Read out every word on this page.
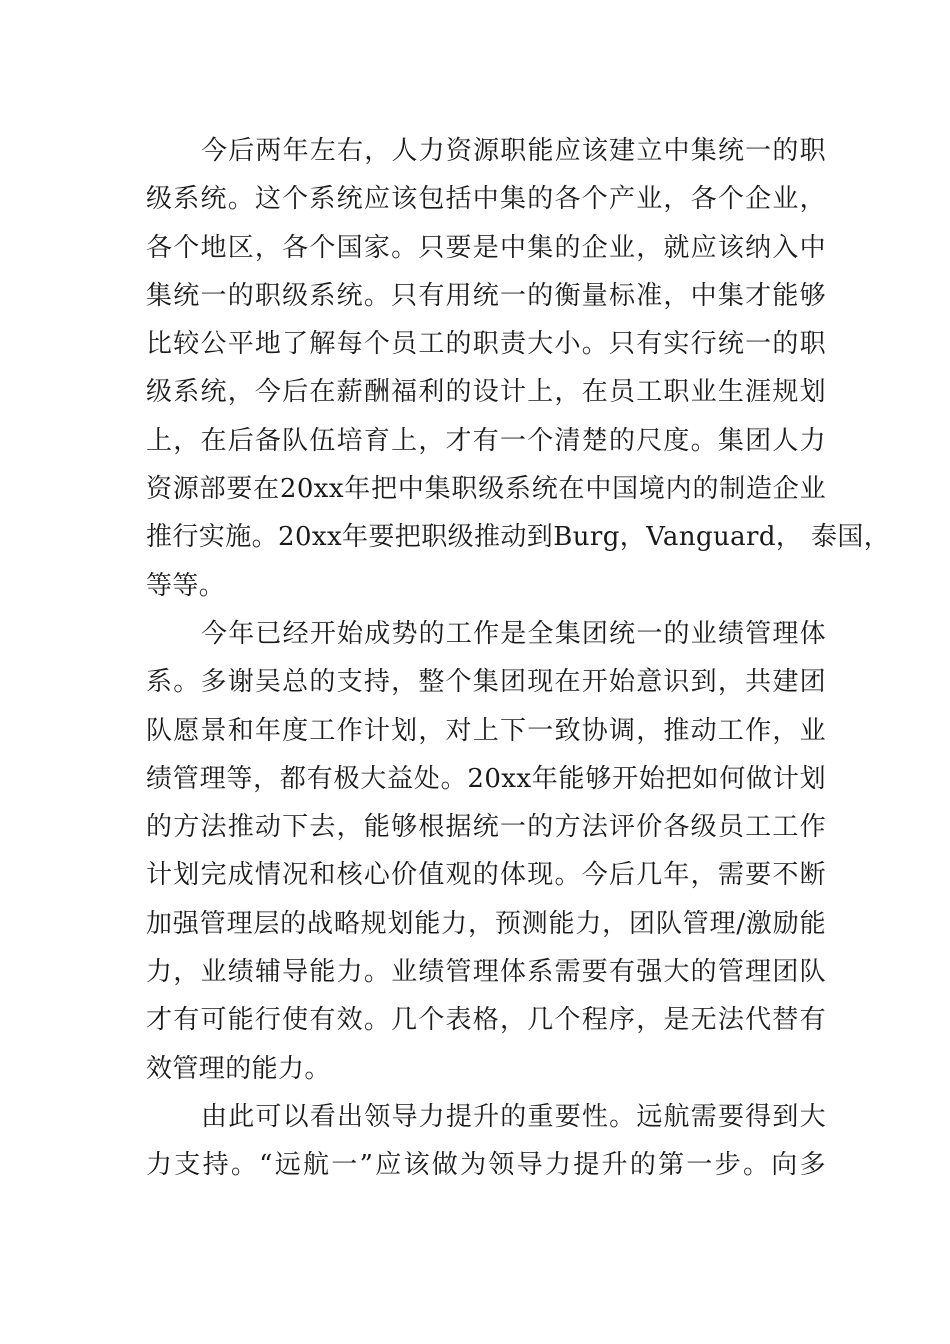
今后两年左右，人力资源职能应该建立中集统一的职
级系统。这个系统应该包括中集的各个产业，各个企业，
各个地区，各个国家。只要是中集的企业，就应该纳入中
集统一的职级系统。只有用统一的衡量标准，中集才能够
比较公平地了解每个员工的职责大小。只有实行统一的职
级系统，今后在薪酬福利的设计上，在员工职业生涯规划
上，在后备队伍培育上，才有一个清楚的尺度。集团人力
资源部要在20xx年把中集职级系统在中国境内的制造企业
推行实施。20xx年要把职级推动到Burg，Vanguard， 泰国，
等等。
今年已经开始成势的工作是全集团统一的业绩管理体
系。多谢吴总的支持，整个集团现在开始意识到，共建团
队愿景和年度工作计划，对上下一致协调，推动工作，业
绩管理等，都有极大益处。20xx年能够开始把如何做计划
的方法推动下去，能够根据统一的方法评价各级员工工作
计划完成情况和核心价值观的体现。今后几年，需要不断
加强管理层的战略规划能力，预测能力，团队管理/激励能
力，业绩辅导能力。业绩管理体系需要有强大的管理团队
才有可能行使有效。几个表格，几个程序，是无法代替有
效管理的能力。
由此可以看出领导力提升的重要性。远航需要得到大
力支持。“远航一”应该做为领导力提升的第一步。向多
